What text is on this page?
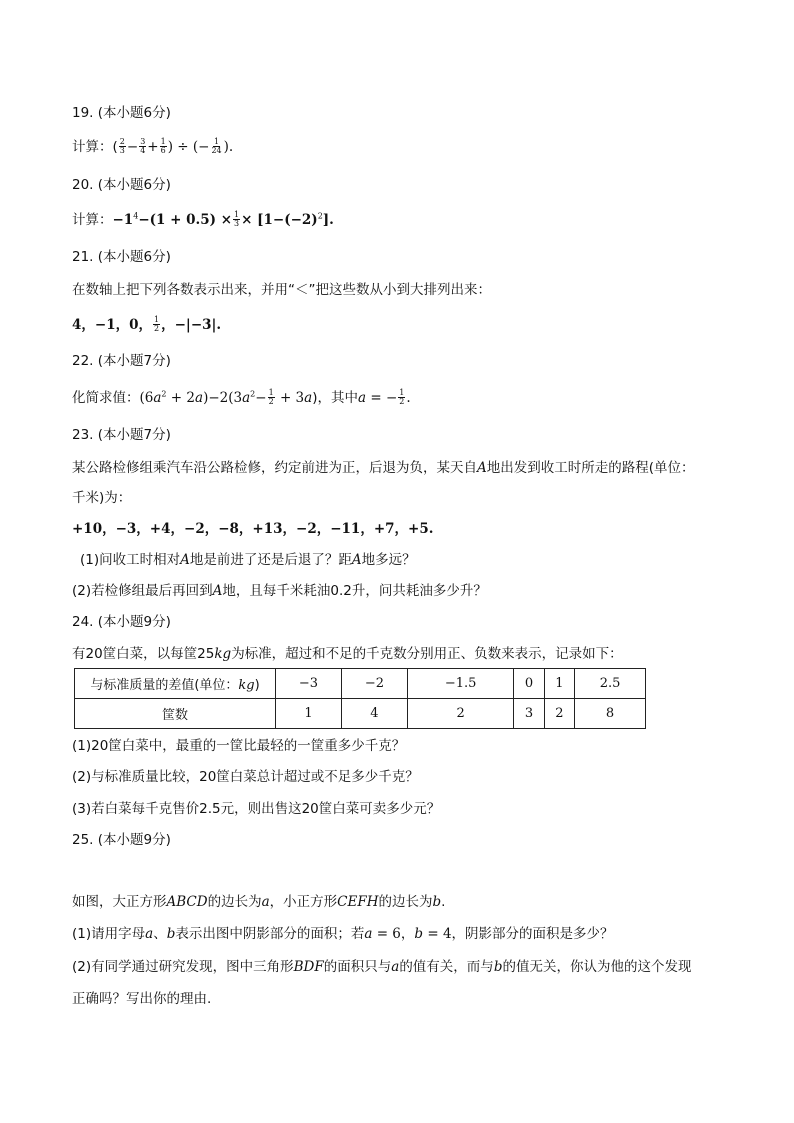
19. (本小题6分)
计算：( $\frac{2}{3} - \frac{3}{4} + \frac{1}{6}$ ) ÷ (− $\frac{1}{24}$ ).
20. (本小题6分)
计算：$-1^4-(1 + 0.5) \times \frac{1}{3} \times [1-(-2)^2]$.
21. (本小题6分)
在数轴上把下列各数表示出来，并用“＜”把这些数从小到大排列出来：
4，−1，0， $\frac{1}{2}$ ，−|−3|.
22. (本小题7分)
化简求值：$(6a^2 + 2a)-2(3a^2- \frac{1}{2} + 3a)$，其中a = − $\frac{1}{2}$ .
23. (本小题7分)
某公路检修组乘汽车沿公路检修，约定前进为正，后退为负，某天自A地出发到收工时所走的路程(单位：
千米)为：
+10，−3，+4，−2，−8，+13，−2，−11，+7，+5.
(1)问收工时相对A地是前进了还是后退了？距A地多远？
(2)若检修组最后再回到A地，且每千米耗油0.2升，问共耗油多少升？
24. (本小题9分)
有20筐白菜，以每筐25kg为标准，超过和不足的千克数分别用正、负数来表示，记录如下：
与标准质量的差值(单位：kg)	−3	−2	−1.5	0	1	2.5
筐数	1	4	2	3	2	8
(1)20筐白菜中，最重的一筐比最轻的一筐重多少千克？
(2)与标准质量比较，20筐白菜总计超过或不足多少千克？
(3)若白菜每千克售价2.5元，则出售这20筐白菜可卖多少元？
25. (本小题9分)
如图，大正方形ABCD的边长为a，小正方形CEFH的边长为b.
(1)请用字母a、b表示出图中阴影部分的面积；若a = 6，b = 4，阴影部分的面积是多少？
(2)有同学通过研究发现，图中三角形BDF的面积只与a的值有关，而与b的值无关，你认为他的这个发现
正确吗？写出你的理由.
